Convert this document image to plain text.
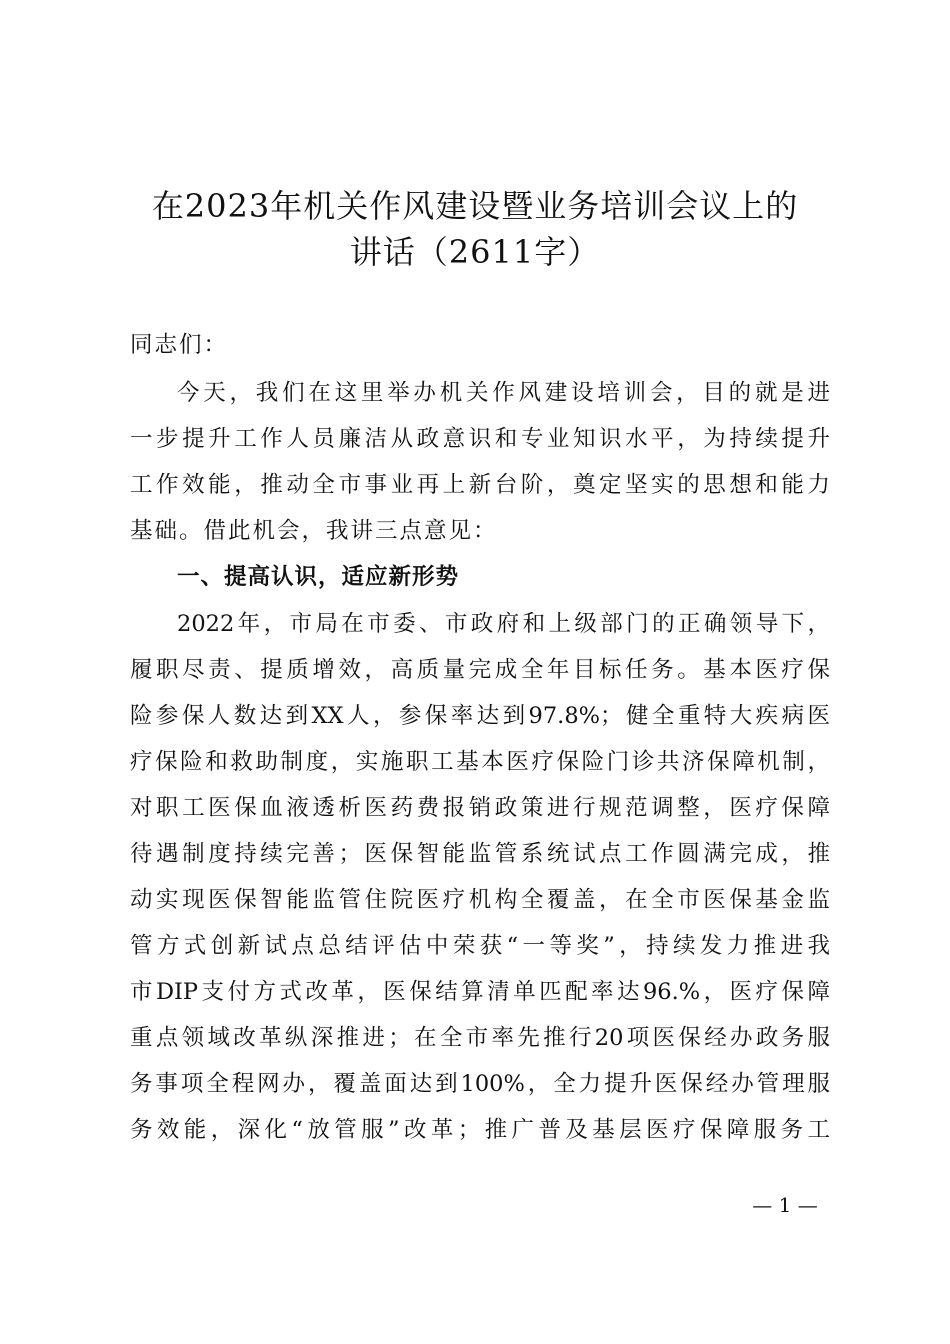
在2023年机关作风建设暨业务培训会议上的
讲话（2611字）
同志们：
今天，我们在这里举办机关作风建设培训会，目的就是进
一步提升工作人员廉洁从政意识和专业知识水平，为持续提升
工作效能，推动全市事业再上新台阶，奠定坚实的思想和能力
基础。借此机会，我讲三点意见：
一、提高认识，适应新形势
2022年，市局在市委、市政府和上级部门的正确领导下，
履职尽责、提质增效，高质量完成全年目标任务。基本医疗保
险参保人数达到XX人，参保率达到97.8%；健全重特大疾病医
疗保险和救助制度，实施职工基本医疗保险门诊共济保障机制，
对职工医保血液透析医药费报销政策进行规范调整，医疗保障
待遇制度持续完善；医保智能监管系统试点工作圆满完成，推
动实现医保智能监管住院医疗机构全覆盖，在全市医保基金监
管方式创新试点总结评估中荣获“一等奖”，持续发力推进我
市DIP支付方式改革，医保结算清单匹配率达96.%，医疗保障
重点领域改革纵深推进；在全市率先推行20项医保经办政务服
务事项全程网办，覆盖面达到100%，全力提升医保经办管理服
务效能，深化“放管服”改革；推广普及基层医疗保障服务工
— 1 —
